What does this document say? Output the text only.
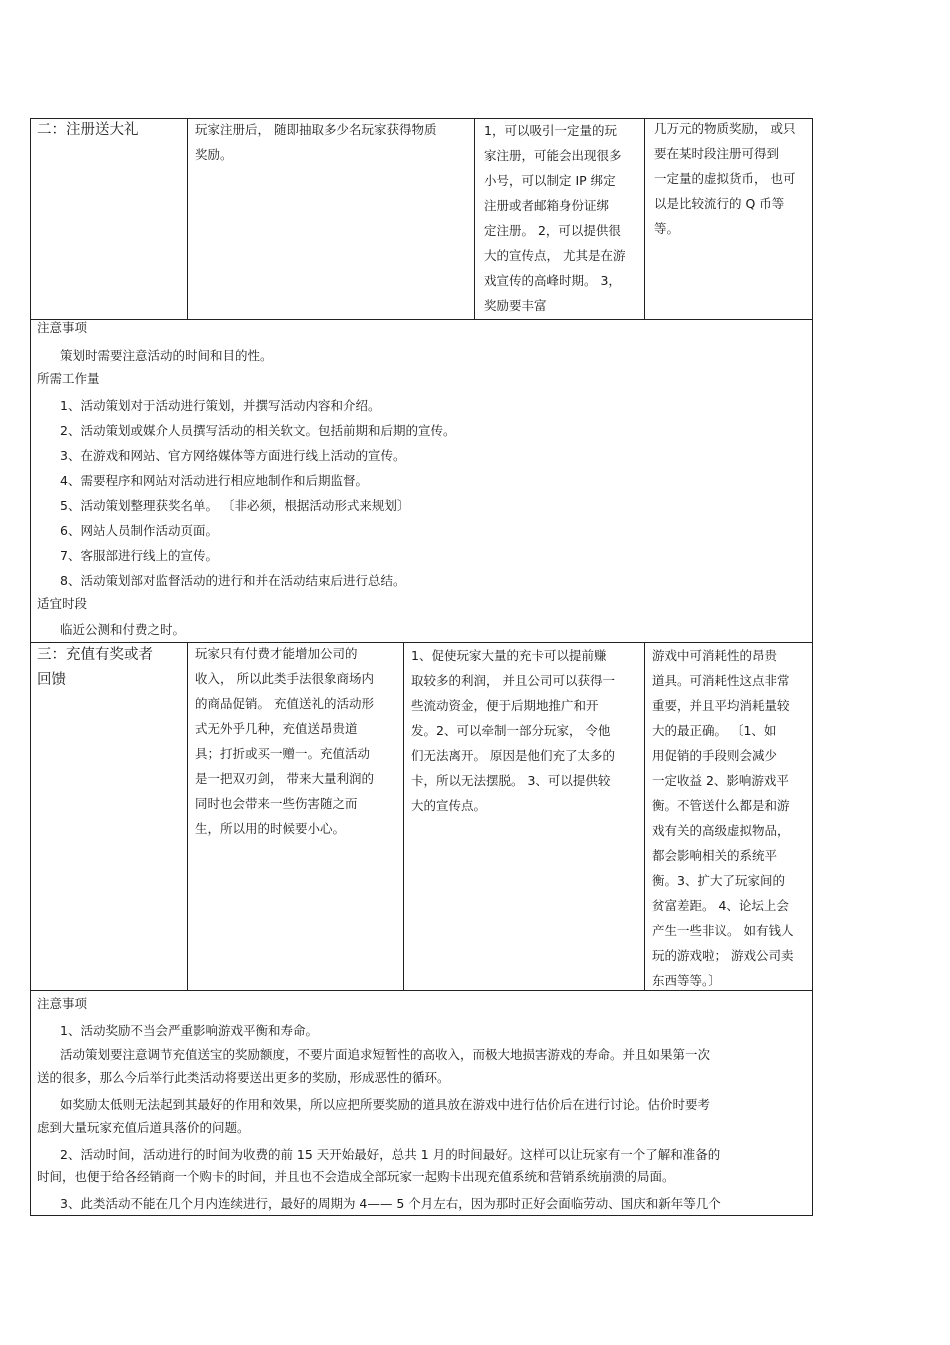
二：注册送大礼	玩家注册后， 随即抽取多少名玩家获得物质
奖励。
1，可以吸引一定量的玩
家注册，可能会出现很多
小号，可以制定 IP 绑定
注册或者邮箱身份证绑
定注册。 2，可以提供很
大的宣传点， 尤其是在游
戏宣传的高峰时期。 3，
奖励要丰富
几万元的物质奖励， 或只
要在某时段注册可得到
一定量的虚拟货币， 也可
以是比较流行的 Q 币等
等。
注意事项
策划时需要注意活动的时间和目的性。
所需工作量
1、活动策划对于活动进行策划，并撰写活动内容和介绍。
2、活动策划或媒介人员撰写活动的相关软文。包括前期和后期的宣传。
3、在游戏和网站、官方网络媒体等方面进行线上活动的宣传。
4、需要程序和网站对活动进行相应地制作和后期监督。
5、活动策划整理获奖名单。 〔非必须，根据活动形式来规划〕
6、网站人员制作活动页面。
7、客服部进行线上的宣传。
8、活动策划部对监督活动的进行和并在活动结束后进行总结。
适宜时段
临近公测和付费之时。
三：充值有奖或者
回馈
玩家只有付费才能增加公司的
收入， 所以此类手法很象商场内
的商品促销。 充值送礼的活动形
式无外乎几种，充值送昂贵道
具；打折或买一赠一。充值活动
是一把双刃剑， 带来大量利润的
同时也会带来一些伤害随之而
生，所以用的时候要小心。
1、促使玩家大量的充卡可以提前赚
取较多的利润， 并且公司可以获得一
些流动资金，便于后期地推广和开
发。2、可以牵制一部分玩家， 令他
们无法离开。 原因是他们充了太多的
卡，所以无法摆脱。 3、可以提供较
大的宣传点。
游戏中可消耗性的昂贵
道具。可消耗性这点非常
重要，并且平均消耗量较
大的最正确。 〔1、如
用促销的手段则会减少
一定收益 2、影响游戏平
衡。不管送什么都是和游
戏有关的高级虚拟物品，
都会影响相关的系统平
衡。3、扩大了玩家间的
贫富差距。 4、论坛上会
产生一些非议。 如有钱人
玩的游戏啦； 游戏公司卖
东西等等。〕
注意事项
1、活动奖励不当会严重影响游戏平衡和寿命。
活动策划要注意调节充值送宝的奖励额度，不要片面追求短暂性的高收入，而极大地损害游戏的寿命。并且如果第一次
送的很多，那么今后举行此类活动将要送出更多的奖励，形成恶性的循环。
如奖励太低则无法起到其最好的作用和效果，所以应把所要奖励的道具放在游戏中进行估价后在进行讨论。估价时要考
虑到大量玩家充值后道具落价的问题。
2、活动时间，活动进行的时间为收费的前 15 天开始最好，总共 1 月的时间最好。这样可以让玩家有一个了解和准备的
时间，也便于给各经销商一个购卡的时间，并且也不会造成全部玩家一起购卡出现充值系统和营销系统崩溃的局面。
3、此类活动不能在几个月内连续进行，最好的周期为 4—— 5 个月左右，因为那时正好会面临劳动、国庆和新年等几个
